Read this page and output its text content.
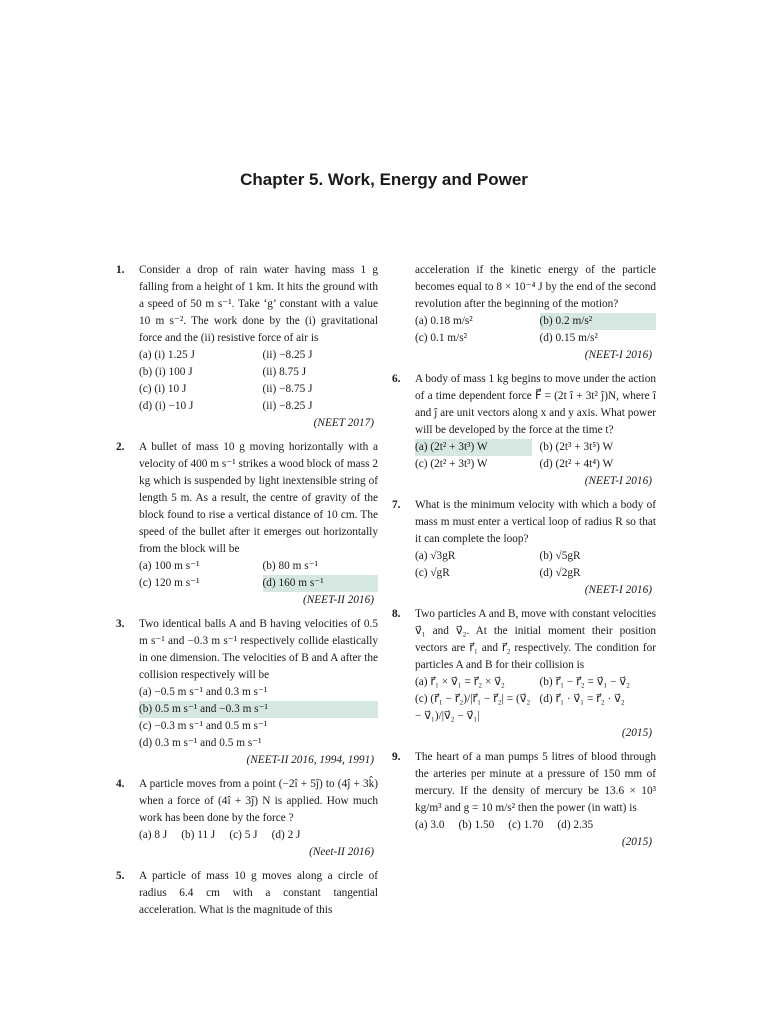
Chapter 5. Work, Energy and Power
1. Consider a drop of rain water having mass 1 g falling from a height of 1 km. It hits the ground with a speed of 50 m s⁻¹. Take ‘g’ constant with a value 10 m s⁻². The work done by the (i) gravitational force and the (ii) resistive force of air is
(a) (i) 1.25 J	(ii) −8.25 J
(b) (i) 100 J	(ii) 8.75 J
(c) (i) 10 J	(ii) −8.75 J
(d) (i) −10 J	(ii) −8.25 J
(NEET 2017)
2. A bullet of mass 10 g moving horizontally with a velocity of 400 m s⁻¹ strikes a wood block of mass 2 kg which is suspended by light inextensible string of length 5 m. As a result, the centre of gravity of the block found to rise a vertical distance of 10 cm. The speed of the bullet after it emerges out horizontally from the block will be
(a) 100 m s⁻¹	(b) 80 m s⁻¹
(c) 120 m s⁻¹	(d) 160 m s⁻¹
(NEET-II 2016)
3. Two identical balls A and B having velocities of 0.5 m s⁻¹ and −0.3 m s⁻¹ respectively collide elastically in one dimension. The velocities of B and A after the collision respectively will be
(a) −0.5 m s⁻¹ and 0.3 m s⁻¹
(b) 0.5 m s⁻¹ and −0.3 m s⁻¹
(c) −0.3 m s⁻¹ and 0.5 m s⁻¹
(d) 0.3 m s⁻¹ and 0.5 m s⁻¹
(NEET-II 2016, 1994, 1991)
4. A particle moves from a point (−2î + 5ĵ) to (4ĵ + 3k̂) when a force of (4î + 3ĵ) N is applied. How much work has been done by the force ?
(a) 8 J (b) 11 J (c) 5 J (d) 2 J
(Neet-II 2016)
5. A particle of mass 10 g moves along a circle of radius 6.4 cm with a constant tangential acceleration. What is the magnitude of this
acceleration if the kinetic energy of the particle becomes equal to 8 × 10⁻⁴ J by the end of the second revolution after the beginning of the motion?
(a) 0.18 m/s²	(b) 0.2 m/s²
(c) 0.1 m/s²	(d) 0.15 m/s²
(NEET-I 2016)
6. A body of mass 1 kg begins to move under the action of a time dependent force F⃗ = (2t î + 3t² ĵ)N, where î and ĵ are unit vectors along x and y axis. What power will be developed by the force at the time t?
(a) (2t² + 3t³) W	(b) (2t³ + 3t⁵) W
(c) (2t² + 3t³) W	(d) (2t² + 4t⁴) W
(NEET-I 2016)
7. What is the minimum velocity with which a body of mass m must enter a vertical loop of radius R so that it can complete the loop?
(a) √3gR	(b) √5gR
(c) √gR	(d) √2gR
(NEET-I 2016)
8. Two particles A and B, move with constant velocities v⃗₁ and v⃗₂. At the initial moment their position vectors are r⃗₁ and r⃗₂ respectively. The condition for particles A and B for their collision is
(a) r⃗₁ × v⃗₁ = r⃗₂ × v⃗₂	(b) r⃗₁ − r⃗₂ = v⃗₁ − v⃗₂
(c) (r⃗₁ − r⃗₂)/|r⃗₁ − r⃗₂| = (v⃗₂ − v⃗₁)/|v⃗₂ − v⃗₁|
(d) r⃗₁ · v⃗₁ = r⃗₂ · v⃗₂
(2015)
9. The heart of a man pumps 5 litres of blood through the arteries per minute at a pressure of 150 mm of mercury. If the density of mercury be 13.6 × 10³ kg/m³ and g = 10 m/s² then the power (in watt) is
(a) 3.0 (b) 1.50 (c) 1.70 (d) 2.35
(2015)
